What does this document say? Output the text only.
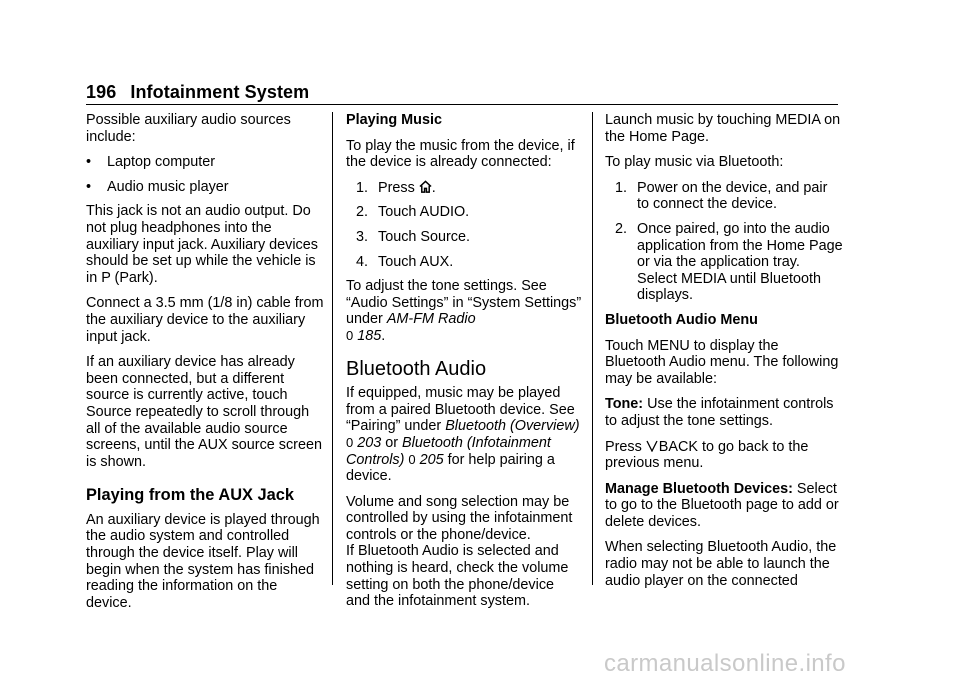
196 Infotainment System

Possible auxiliary audio sources include:

•	Laptop computer
•	Audio music player

This jack is not an audio output. Do not plug headphones into the auxiliary input jack. Auxiliary devices should be set up while the vehicle is in P (Park).

Connect a 3.5 mm (1/8 in) cable from the auxiliary device to the auxiliary input jack.

If an auxiliary device has already been connected, but a different source is currently active, touch Source repeatedly to scroll through all of the available audio source screens, until the AUX source screen is shown.

Playing from the AUX Jack

An auxiliary device is played through the audio system and controlled through the device itself. Play will begin when the system has finished reading the information on the device.

Playing Music

To play the music from the device, if the device is already connected:

1. Press .
2. Touch AUDIO.
3. Touch Source.
4. Touch AUX.

To adjust the tone settings. See “Audio Settings” in “System Settings” under AM-FM Radio
0 185.

Bluetooth Audio

If equipped, music may be played from a paired Bluetooth device. See “Pairing” under Bluetooth (Overview) 0 203 or Bluetooth (Infotainment Controls) 0 205 for help pairing a device.

Volume and song selection may be controlled by using the infotainment controls or the phone/device.

If Bluetooth Audio is selected and nothing is heard, check the volume setting on both the phone/device and the infotainment system.

Launch music by touching MEDIA on the Home Page.

To play music via Bluetooth:

1. Power on the device, and pair to connect the device.
2. Once paired, go into the audio application from the Home Page or via the application tray. Select MEDIA until Bluetooth displays.

Bluetooth Audio Menu

Touch MENU to display the Bluetooth Audio menu. The following may be available:

Tone: Use the infotainment controls to adjust the tone settings.

Press BACK to go back to the previous menu.

Manage Bluetooth Devices: Select to go to the Bluetooth page to add or delete devices.

When selecting Bluetooth Audio, the radio may not be able to launch the audio player on the connected

carmanualsonline.info
